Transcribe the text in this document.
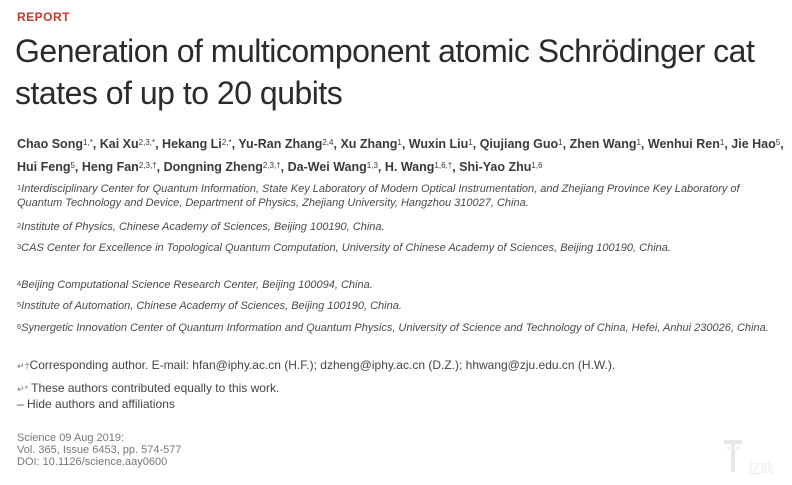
REPORT
Generation of multicomponent atomic Schrödinger cat states of up to 20 qubits
Chao Song$^{1,*}$, Kai $Xu^{2,3,*}$, Hekang $Li^{2,*}$, Yu-Ran Zhang$^{2,4}$, Xu Zhang$^1$, Wuxin Liu$^1$, Qiujiang Guo$^1$, Zhen Wang$^1$, Wenhui Ren$^1$, Jie Hao$^5$, Hui Feng$^5$, Heng Fan$^{2,3,\dagger}$, Dongning Zheng$^{2,3,\dagger}$, Da-Wei Wang$^{1,3}$, H. Wang$^{1,6,\dagger}$, Shi-Yao Zhu$^{1,6}$
$^1$Interdisciplinary Center for Quantum Information, State Key Laboratory of Modern Optical Instrumentation, and Zhejiang Province Key Laboratory of Quantum Technology and Device, Department of Physics, Zhejiang University, Hangzhou 310027, China.
$^2$Institute of Physics, Chinese Academy of Sciences, Beijing 100190, China.
$^3$CAS Center for Excellence in Topological Quantum Computation, University of Chinese Academy of Sciences, Beijing 100190, China.
$^4$Beijing Computational Science Research Center, Beijing 100094, China.
$^5$Institute of Automation, Chinese Academy of Sciences, Beijing 100190, China.
$^6$Synergetic Innovation Center of Quantum Information and Quantum Physics, University of Science and Technology of China, Hefei, Anhui 230026, China.
↵†Corresponding author. E-mail: hfan@iphy.ac.cn (H.F.); dzheng@iphy.ac.cn (D.Z.); hhwang@zju.edu.cn (H.W.).
↵* These authors contributed equally to this work.
– Hide authors and affiliations
Science 09 Aug 2019:
Vol. 365, Issue 6453, pp. 574-577
DOI: 10.1126/science.aay0600	亿欧
